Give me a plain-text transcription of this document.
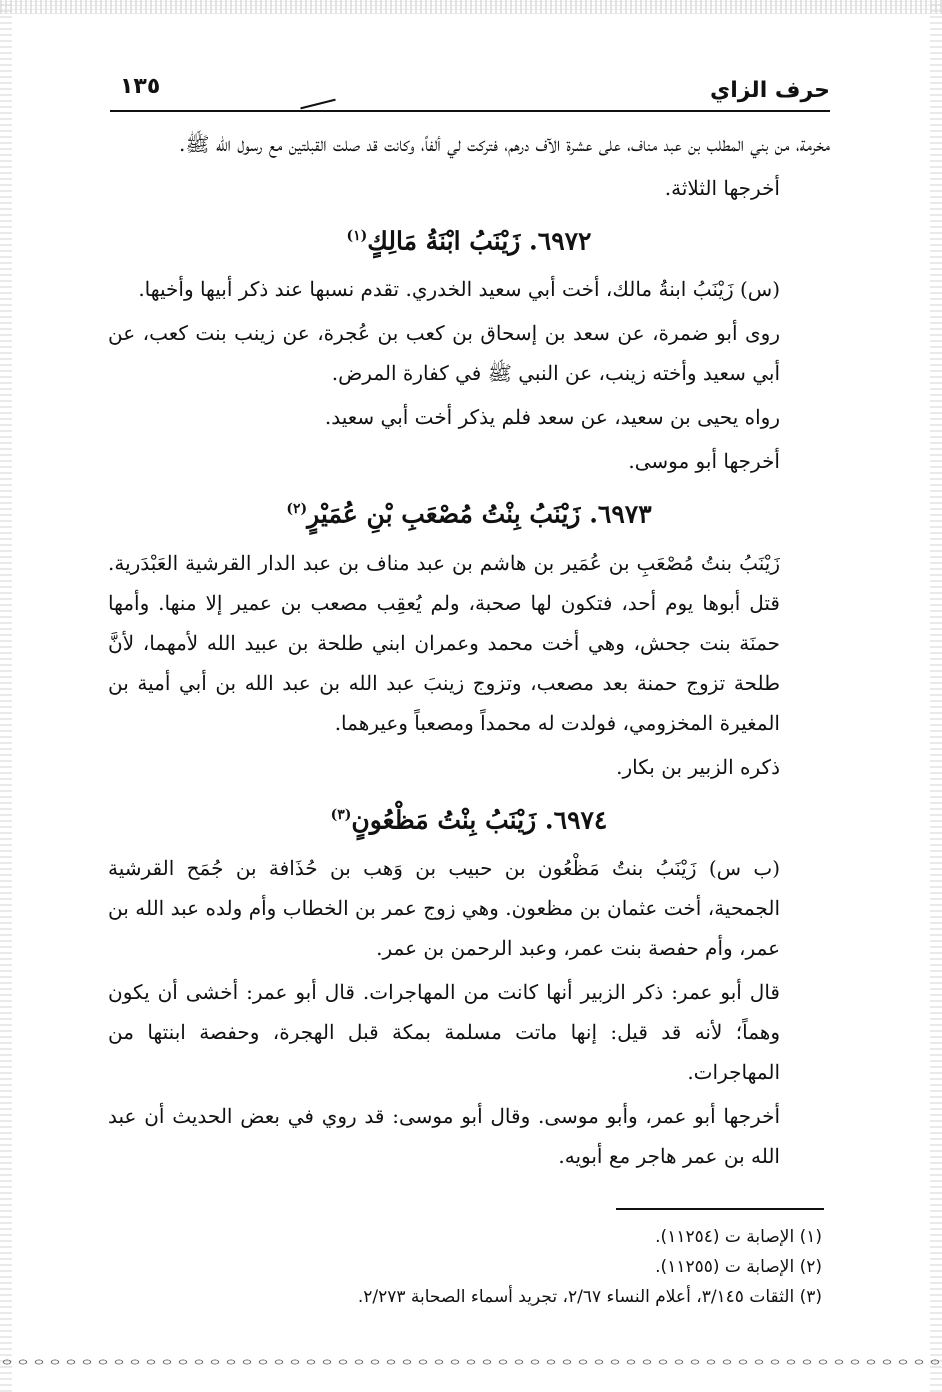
حرف الزاي
١٣٥

مخرمة، من بني المطلب بن عبد مناف، على عشرة الآف درهم، فتركت لي ألفاً، وكانت قد صلت القبلتين مع رسول الله ﷺ.

أخرجها الثلاثة.

٦٩٧٢. زَيْنَبُ ابْنَةُ مَالِكٍ$^{(١)}$

(س) زَيْنَبُ ابنةُ مالك، أخت أبي سعيد الخدري. تقدم نسبها عند ذكر أبيها وأخيها.

روى أبو ضمرة، عن سعد بن إسحاق بن كعب بن عُجرة، عن زينب بنت كعب، عن أبي سعيد وأخته زينب، عن النبي ﷺ في كفارة المرض.

رواه يحيى بن سعيد، عن سعد فلم يذكر أخت أبي سعيد.

أخرجها أبو موسى.

٦٩٧٣. زَيْنَبُ بِنْتُ مُصْعَبِ بْنِ عُمَيْرٍ$^{(٢)}$

زَيْنَبُ بنتُ مُصْعَبِ بن عُمَير بن هاشم بن عبد مناف بن عبد الدار القرشية العَبْدَرية. قتل أبوها يوم أحد، فتكون لها صحبة، ولم يُعقِب مصعب بن عمير إلا منها. وأمها حمنَة بنت جحش، وهي أخت محمد وعمران ابني طلحة بن عبيد الله لأمهما، لأنَّ طلحة تزوج حمنة بعد مصعب، وتزوج زينبَ عبد الله بن عبد الله بن أبي أمية بن المغيرة المخزومي، فولدت له محمداً ومصعباً وعيرهما.

ذكره الزبير بن بكار.

٦٩٧٤. زَيْنَبُ بِنْتُ مَظْعُونٍ$^{(٣)}$

(ب س) زَيْنَبُ بنتُ مَظْعُون بن حبيب بن وَهب بن حُذَافة بن جُمَح القرشية الجمحية، أخت عثمان بن مظعون. وهي زوج عمر بن الخطاب وأم ولده عبد الله بن عمر، وأم حفصة بنت عمر، وعبد الرحمن بن عمر.

قال أبو عمر: ذكر الزبير أنها كانت من المهاجرات. قال أبو عمر: أخشى أن يكون وهماً؛ لأنه قد قيل: إنها ماتت مسلمة بمكة قبل الهجرة، وحفصة ابنتها من المهاجرات.

أخرجها أبو عمر، وأبو موسى. وقال أبو موسى: قد روي في بعض الحديث أن عبد الله بن عمر هاجر مع أبويه.

(١) الإصابة ت (١١٢٥٤).
(٢) الإصابة ت (١١٢٥٥).
(٣) الثقات ٣/١٤٥، أعلام النساء ٢/٦٧، تجريد أسماء الصحابة ٢/٢٧٣.
